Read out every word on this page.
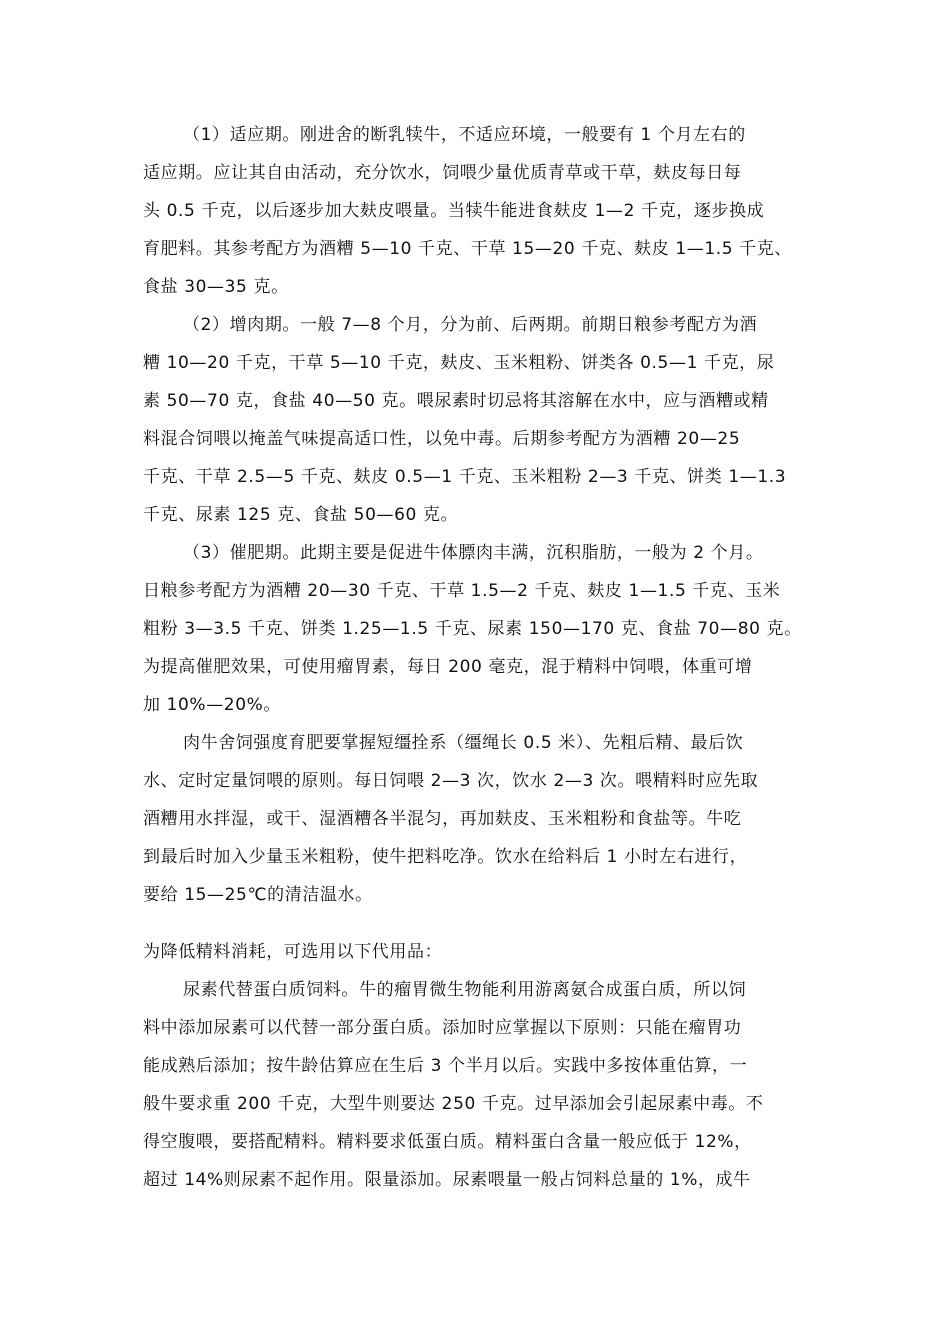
（1）适应期。刚进舍的断乳犊牛，不适应环境，一般要有 1 个月左右的
适应期。应让其自由活动，充分饮水，饲喂少量优质青草或干草，麸皮每日每
头 0.5 千克，以后逐步加大麸皮喂量。当犊牛能进食麸皮 1—2 千克，逐步换成
育肥料。其参考配方为酒糟 5—10 千克、干草 15—20 千克、麸皮 1—1.5 千克、
食盐 30—35 克。
（2）增肉期。一般 7—8 个月，分为前、后两期。前期日粮参考配方为酒
糟 10—20 千克，干草 5—10 千克，麸皮、玉米粗粉、饼类各 0.5—1 千克，尿
素 50—70 克，食盐 40—50 克。喂尿素时切忌将其溶解在水中，应与酒糟或精
料混合饲喂以掩盖气味提高适口性，以免中毒。后期参考配方为酒糟 20—25
千克、干草 2.5—5 千克、麸皮 0.5—1 千克、玉米粗粉 2—3 千克、饼类 1—1.3
千克、尿素 125 克、食盐 50—60 克。
（3）催肥期。此期主要是促进牛体膘肉丰满，沉积脂肪，一般为 2 个月。
日粮参考配方为酒糟 20—30 千克、干草 1.5—2 千克、麸皮 1—1.5 千克、玉米
粗粉 3—3.5 千克、饼类 1.25—1.5 千克、尿素 150—170 克、食盐 70—80 克。
为提高催肥效果，可使用瘤胃素，每日 200 毫克，混于精料中饲喂，体重可增
加 10%—20%。
肉牛舍饲强度育肥要掌握短缰拴系（缰绳长 0.5 米）、先粗后精、最后饮
水、定时定量饲喂的原则。每日饲喂 2—3 次，饮水 2—3 次。喂精料时应先取
酒糟用水拌湿，或干、湿酒糟各半混匀，再加麸皮、玉米粗粉和食盐等。牛吃
到最后时加入少量玉米粗粉，使牛把料吃净。饮水在给料后 1 小时左右进行，
要给 15—25℃的清洁温水。
为降低精料消耗，可选用以下代用品：
尿素代替蛋白质饲料。牛的瘤胃微生物能利用游离氨合成蛋白质，所以饲
料中添加尿素可以代替一部分蛋白质。添加时应掌握以下原则：只能在瘤胃功
能成熟后添加；按牛龄估算应在生后 3 个半月以后。实践中多按体重估算，一
般牛要求重 200 千克，大型牛则要达 250 千克。过早添加会引起尿素中毒。不
得空腹喂，要搭配精料。精料要求低蛋白质。精料蛋白含量一般应低于 12%，
超过 14%则尿素不起作用。限量添加。尿素喂量一般占饲料总量的 1%，成牛
